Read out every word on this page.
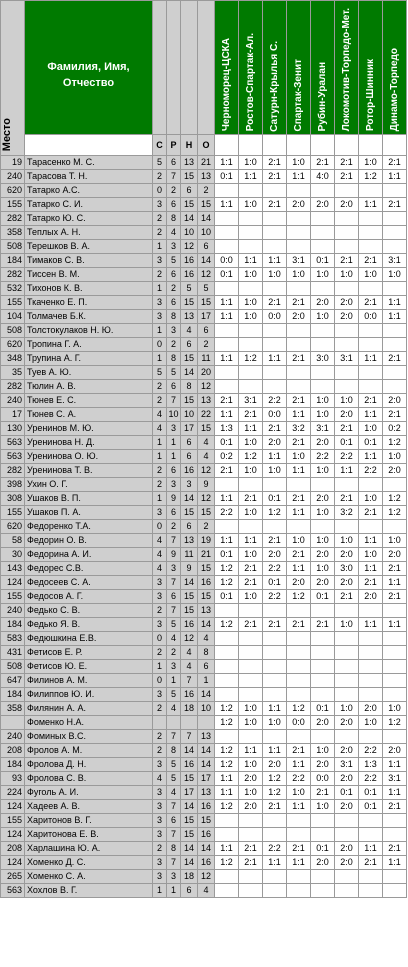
Место	Фамилия, Имя, Отчество					Черноморец-ЦСКА	Ростов-Спартак-Ал.	Сатурн-Крылья С.	Спартак-Зенит	Рубин-Уралан	Локомотив-Торпедо-Мет.	Ротор-Шинник	Динамо-Торпедо

		С	Р	Н	О								
19	Тарасенко М. С.	5	6	13	21	1:1	1:0	2:1	1:0	2:1	2:1	1:0	2:1
240	Тарасова Т. Н.	2	7	15	13	0:1	1:1	2:1	1:1	4:0	2:1	1:2	1:1
620	Татарко А.С.	0	2	6	2								
155	Татарко С. И.	3	6	15	15	1:1	1:0	2:1	2:0	2:0	2:0	1:1	2:1
282	Татарко Ю. С.	2	8	14	14								
358	Теплых А. Н.	2	4	10	10								
508	Терешков В. А.	1	3	12	6								
184	Тимаков С. В.	3	5	16	14	0:0	1:1	1:1	3:1	0:1	2:1	2:1	3:1
282	Тиссен В. М.	2	6	16	12	0:1	1:0	1:0	1:0	1:0	1:0	1:0	1:0
532	Тихонов К. В.	1	2	5	5								
155	Ткаченко Е. П.	3	6	15	15	1:1	1:0	2:1	2:1	2:0	2:0	2:1	1:1
104	Толмачев Б.К.	3	8	13	17	1:1	1:0	0:0	2:0	1:0	2:0	0:0	1:1
508	Толстокулаков Н. Ю.	1	3	4	6								
620	Тропина Г. А.	0	2	6	2								
348	Трупина А. Г.	1	8	15	11	1:1	1:2	1:1	2:1	3:0	3:1	1:1	2:1
35	Туев А. Ю.	5	5	14	20								
282	Тюлин А. В.	2	6	8	12								
240	Тюнев Е. С.	2	7	15	13	2:1	3:1	2:2	2:1	1:0	1:0	2:1	2:0
17	Тюнев С. А.	4	10	10	22	1:1	2:1	0:0	1:1	1:0	2:0	1:1	2:1
130	Уренинов М. Ю.	4	3	17	15	1:3	1:1	2:1	3:2	3:1	2:1	1:0	0:2
563	Уренинова Н. Д.	1	1	6	4	0:1	1:0	2:0	2:1	2:0	0:1	0:1	1:2
563	Уренинова О. Ю.	1	1	6	4	0:2	1:2	1:1	1:0	2:2	2:2	1:1	1:0
282	Уренинова Т. В.	2	6	16	12	2:1	1:0	1:0	1:1	1:0	1:1	2:2	2:0
398	Ухин О. Г.	2	3	3	9								
308	Ушаков В. П.	1	9	14	12	1:1	2:1	0:1	2:1	2:0	2:1	1:0	1:2
155	Ушаков П. А.	3	6	15	15	2:2	1:0	1:2	1:1	1:0	3:2	2:1	1:2
620	Федоренко Т.А.	0	2	6	2								
58	Федорин О. В.	4	7	13	19	1:1	1:1	2:1	1:0	1:0	1:0	1:1	1:0
30	Федорина А. И.	4	9	11	21	0:1	1:0	2:0	2:1	2:0	2:0	1:0	2:0
143	Федорес С.В.	4	3	9	15	1:2	2:1	2:2	1:1	1:0	3:0	1:1	2:1
124	Федосеев С. А.	3	7	14	16	1:2	2:1	0:1	2:0	2:0	2:0	2:1	1:1
155	Федосов А. Г.	3	6	15	15	0:1	1:0	2:2	1:2	0:1	2:1	2:0	2:1
240	Федько С. В.	2	7	15	13								
184	Федько Я. В.	3	5	16	14	1:2	2:1	2:1	2:1	2:1	1:0	1:1	1:1
583	Федюшкина Е.В.	0	4	12	4								
431	Фетисов Е. Р.	2	2	4	8								
508	Фетисов Ю. Е.	1	3	4	6								
647	Филинов А. М.	0	1	7	1								
184	Филиппов Ю. И.	3	5	16	14								
358	Филянин А. А.	2	4	18	10	1:2	1:0	1:1	1:2	0:1	1:0	2:0	1:0
	Фоменко Н.А.					1:2	1:0	1:0	0:0	2:0	2:0	1:0	1:2
240	Фоминых В.С.	2	7	7	13								
208	Фролов А. М.	2	8	14	14	1:2	1:1	1:1	2:1	1:0	2:0	2:2	2:0
184	Фролова Д. Н.	3	5	16	14	1:2	1:0	2:0	1:1	2:0	3:1	1:3	1:1
93	Фролова С. В.	4	5	15	17	1:1	2:0	1:2	2:2	0:0	2:0	2:2	3:1
224	Фуголь А. И.	3	4	17	13	1:1	1:0	1:2	1:0	2:1	0:1	0:1	1:1
124	Хадеев А. В.	3	7	14	16	1:2	2:0	2:1	1:1	1:0	2:0	0:1	2:1
155	Харитонов В. Г.	3	6	15	15								
124	Харитонова Е. В.	3	7	15	16								
208	Харлашина Ю. А.	2	8	14	14	1:1	2:1	2:2	2:1	0:1	2:0	1:1	2:1
124	Хоменко Д. С.	3	7	14	16	1:2	2:1	1:1	1:1	2:0	2:0	2:1	1:1
265	Хоменко С. А.	3	3	18	12								
563	Хохлов В. Г.	1	1	6	4								
